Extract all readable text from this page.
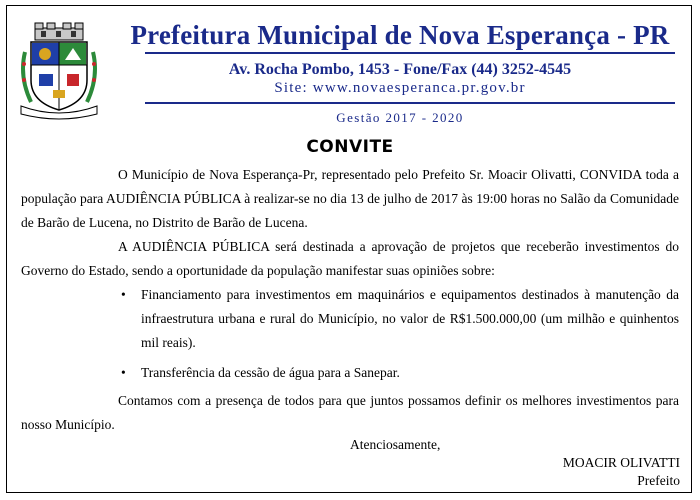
Prefeitura Municipal de Nova Esperança - PR
Av. Rocha Pombo, 1453 - Fone/Fax (44) 3252-4545
Site: www.novaesperanca.pr.gov.br
Gestão 2017 - 2020
CONVITE

O Município de Nova Esperança-Pr, representado pelo Prefeito Sr. Moacir Olivatti, CONVIDA toda a população para AUDIÊNCIA PÚBLICA à realizar-se no dia 13 de julho de 2017 às 19:00 horas no Salão da Comunidade de Barão de Lucena, no Distrito de Barão de Lucena.

A AUDIÊNCIA PÚBLICA será destinada a aprovação de projetos que receberão investimentos do Governo do Estado, sendo a oportunidade da população manifestar suas opiniões sobre:

• Financiamento para investimentos em maquinários e equipamentos destinados à manutenção da infraestrutura urbana e rural do Município, no valor de R$1.500.000,00 (um milhão e quinhentos mil reais).
• Transferência da cessão de água para a Sanepar.

Contamos com a presença de todos para que juntos possamos definir os melhores investimentos para nosso Município.

Atenciosamente,
MOACIR OLIVATTI
Prefeito
